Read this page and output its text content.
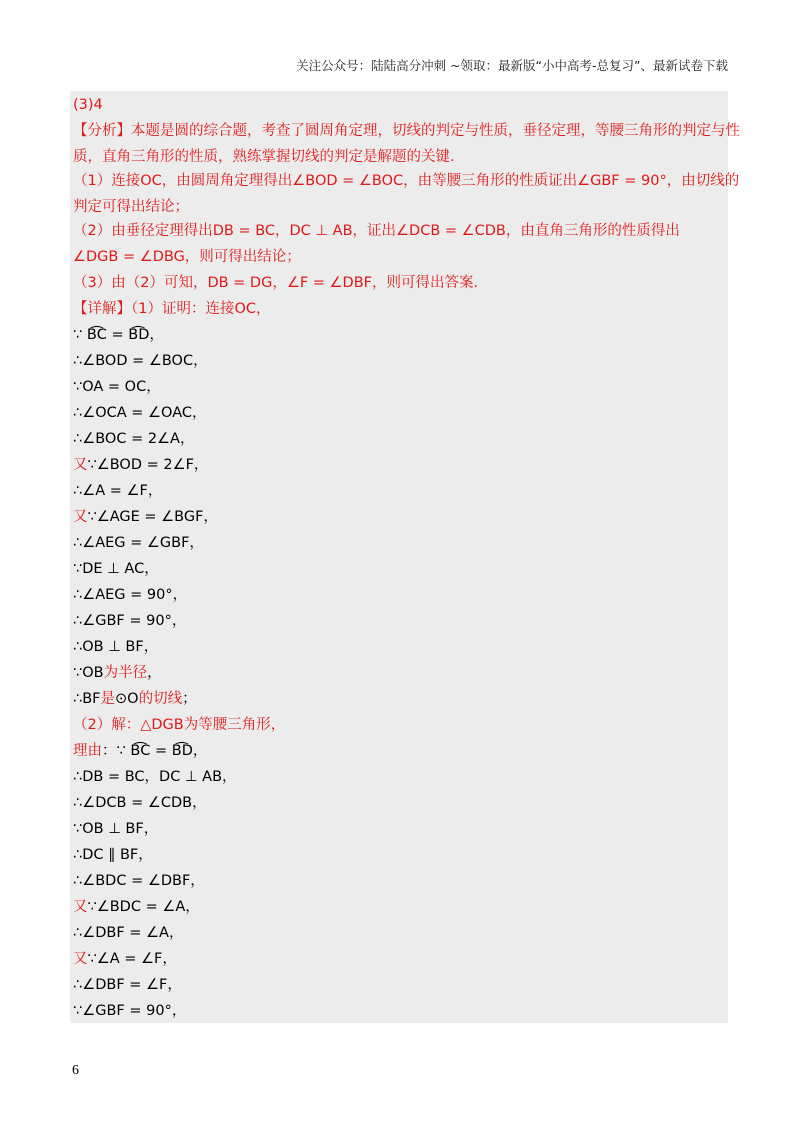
关注公众号：陆陆高分冲刺 ~领取：最新版“小中高考-总复习”、最新试卷下载
(3)4
【分析】本题是圆的综合题，考查了圆周角定理，切线的判定与性质，垂径定理，等腰三角形的判定与性
质，直角三角形的性质，熟练掌握切线的判定是解题的关键.
（1）连接OC，由圆周角定理得出∠BOD = ∠BOC，由等腰三角形的性质证出∠GBF = 90°，由切线的
判定可得出结论；
（2）由垂径定理得出DB = BC，DC ⊥ AB，证出∠DCB = ∠CDB，由直角三角形的性质得出
∠DGB = ∠DBG，则可得出结论；
（3）由（2）可知，DB = DG，∠F = ∠DBF，则可得出答案.
【详解】（1）证明：连接OC，
∵ B͡C = B͡D，
∴∠BOD = ∠BOC，
∵OA = OC，
∴∠OCA = ∠OAC，
∴∠BOC = 2∠A，
又∵∠BOD = 2∠F，
∴∠A = ∠F，
又∵∠AGE = ∠BGF，
∴∠AEG = ∠GBF，
∵DE ⊥ AC，
∴∠AEG = 90°，
∴∠GBF = 90°，
∴OB ⊥ BF，
∵OB为半径，
∴BF是⊙O的切线；
（2）解：△DGB为等腰三角形，
理由：∵ B͡C = B͡D，
∴DB = BC，DC ⊥ AB，
∴∠DCB = ∠CDB，
∵OB ⊥ BF，
∴DC ∥ BF，
∴∠BDC = ∠DBF，
又∵∠BDC = ∠A，
∴∠DBF = ∠A，
又∵∠A = ∠F，
∴∠DBF = ∠F，
∵∠GBF = 90°，
6
